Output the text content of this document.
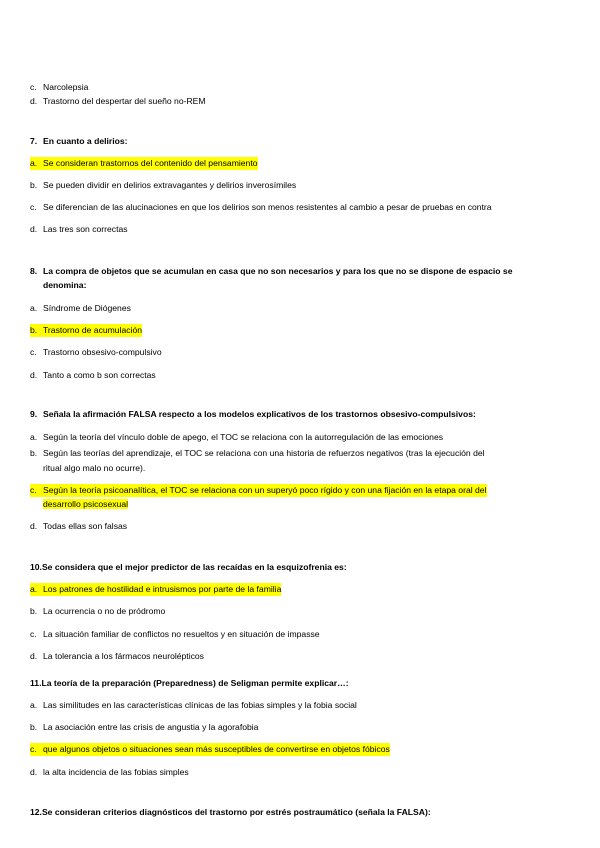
c. Narcolepsia
d. Trastorno del despertar del sueño no-REM
7. En cuanto a delirios:
a. Se consideran trastornos del contenido del pensamiento
b. Se pueden dividir en delirios extravagantes y delirios inverosímiles
c. Se diferencian de las alucinaciones en que los delirios son menos resistentes al cambio a pesar de pruebas en contra
d. Las tres son correctas
8. La compra de objetos que se acumulan en casa que no son necesarios y para los que no se dispone de espacio se
denomina:
a. Síndrome de Diógenes
b. Trastorno de acumulación
c. Trastorno obsesivo-compulsivo
d. Tanto a como b son correctas
9. Señala la afirmación FALSA respecto a los modelos explicativos de los trastornos obsesivo-compulsivos:
a. Según la teoría del vínculo doble de apego, el TOC se relaciona con la autorregulación de las emociones
b. Según las teorías del aprendizaje, el TOC se relaciona con una historia de refuerzos negativos (tras la ejecución del
ritual algo malo no ocurre).
c. Según la teoría psicoanalítica, el TOC se relaciona con un superyó poco rígido y con una fijación en la etapa oral del
desarrollo psicosexual
d. Todas ellas son falsas
10.Se considera que el mejor predictor de las recaídas en la esquizofrenia es:
a. Los patrones de hostilidad e intrusismos por parte de la familia
b. La ocurrencia o no de pródromo
c. La situación familiar de conflictos no resueltos y en situación de impasse
d. La tolerancia a los fármacos neurolépticos
11.La teoría de la preparación (Preparedness) de Seligman permite explicar…:
a. Las similitudes en las características clínicas de las fobias simples y la fobia social
b. La asociación entre las crisis de angustia y la agorafobia
c. que algunos objetos o situaciones sean más susceptibles de convertirse en objetos fóbicos
d. la alta incidencia de las fobias simples
12.Se consideran criterios diagnósticos del trastorno por estrés postraumático (señala la FALSA):
